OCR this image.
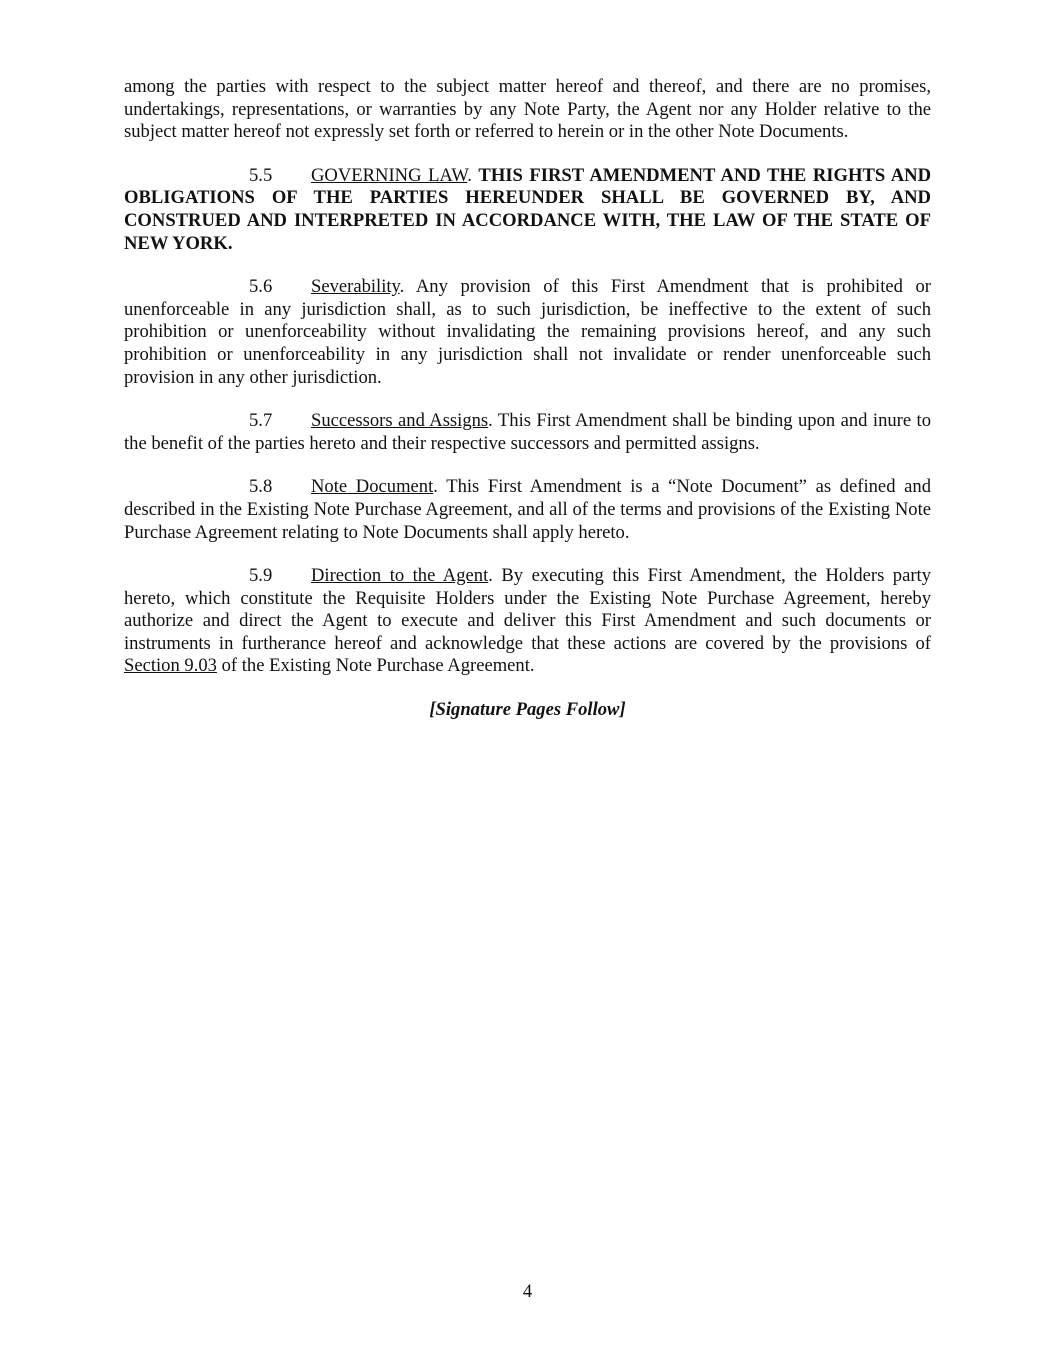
among the parties with respect to the subject matter hereof and thereof, and there are no promises, undertakings, representations, or warranties by any Note Party, the Agent nor any Holder relative to the subject matter hereof not expressly set forth or referred to herein or in the other Note Documents.

5.5 GOVERNING LAW. THIS FIRST AMENDMENT AND THE RIGHTS AND OBLIGATIONS OF THE PARTIES HEREUNDER SHALL BE GOVERNED BY, AND CONSTRUED AND INTERPRETED IN ACCORDANCE WITH, THE LAW OF THE STATE OF NEW YORK.

5.6 Severability. Any provision of this First Amendment that is prohibited or unenforceable in any jurisdiction shall, as to such jurisdiction, be ineffective to the extent of such prohibition or unenforceability without invalidating the remaining provisions hereof, and any such prohibition or unenforceability in any jurisdiction shall not invalidate or render unenforceable such provision in any other jurisdiction.

5.7 Successors and Assigns. This First Amendment shall be binding upon and inure to the benefit of the parties hereto and their respective successors and permitted assigns.

5.8 Note Document. This First Amendment is a “Note Document” as defined and described in the Existing Note Purchase Agreement, and all of the terms and provisions of the Existing Note Purchase Agreement relating to Note Documents shall apply hereto.

5.9 Direction to the Agent. By executing this First Amendment, the Holders party hereto, which constitute the Requisite Holders under the Existing Note Purchase Agreement, hereby authorize and direct the Agent to execute and deliver this First Amendment and such documents or instruments in furtherance hereof and acknowledge that these actions are covered by the provisions of Section 9.03 of the Existing Note Purchase Agreement.

[Signature Pages Follow]

4
